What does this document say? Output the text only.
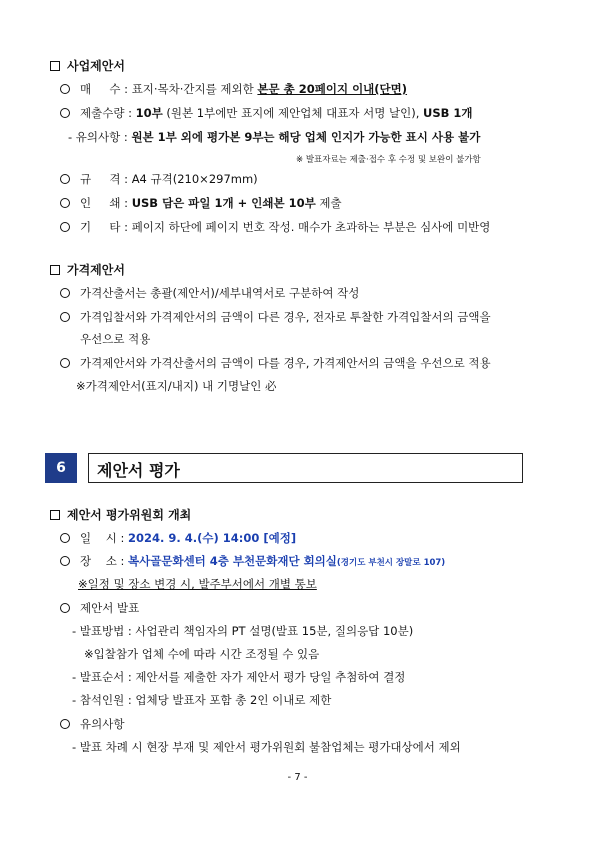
사업제안서
매     수 : 표지·목차·간지를 제외한 본문 총 20페이지 이내(단면)
제출수량 : 10부 (원본 1부에만 표지에 제안업체 대표자 서명 날인), USB 1개
- 유의사항 : 원본 1부 외에 평가본 9부는 해당 업체 인지가 가능한 표시 사용 불가
※ 발표자료는 제출·접수 후 수정 및 보완이 불가함
규     격 : A4 규격(210×297mm)
인     쇄 : USB 담은 파일 1개 + 인쇄본 10부 제출
기     타 : 페이지 하단에 페이지 번호 작성. 매수가 초과하는 부분은 심사에 미반영
가격제안서
가격산출서는 총괄(제안서)/세부내역서로 구분하여 작성
가격입찰서와 가격제안서의 금액이 다른 경우, 전자로 투찰한 가격입찰서의 금액을
우선으로 적용
가격제안서와 가격산출서의 금액이 다를 경우, 가격제안서의 금액을 우선으로 적용
※가격제안서(표지/내지) 내 기명날인 必
6	제안서 평가
제안서 평가위원회 개최
일    시 : 2024. 9. 4.(수) 14:00 [예정]
장    소 : 복사골문화센터 4층 부천문화재단 회의실(경기도 부천시 장말로 107)
※일정 및 장소 변경 시, 발주부서에서 개별 통보
제안서 발표
- 발표방법 : 사업관리 책임자의 PT 설명(발표 15분, 질의응답 10분)
※입찰참가 업체 수에 따라 시간 조정될 수 있음
- 발표순서 : 제안서를 제출한 자가 제안서 평가 당일 추첨하여 결정
- 참석인원 : 업체당 발표자 포함 총 2인 이내로 제한
유의사항
- 발표 차례 시 현장 부재 및 제안서 평가위원회 불참업체는 평가대상에서 제외
- 7 -
